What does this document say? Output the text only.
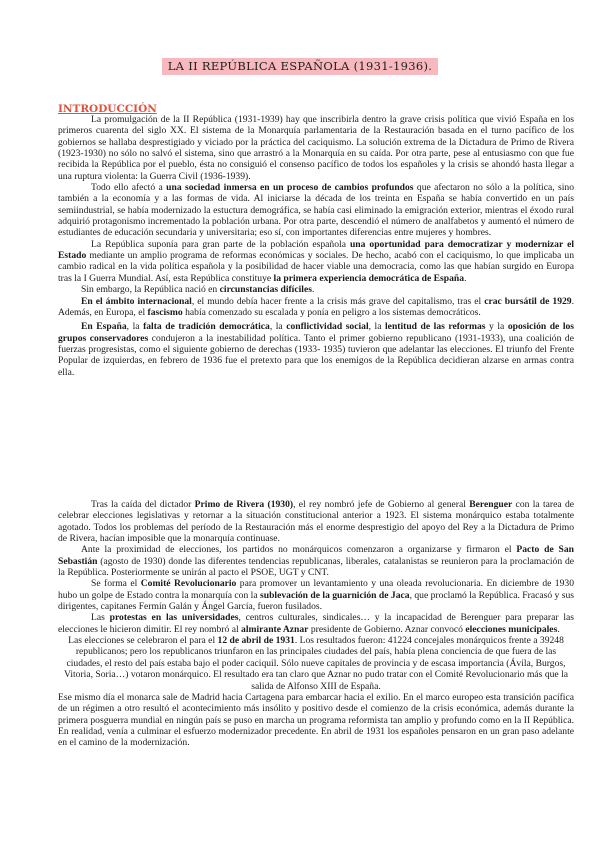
LA II REPÚBLICA ESPAÑOLA (1931-1936).
INTRODUCCIÓN

La promulgación de la II República (1931-1939) hay que inscribirla dentro la grave crisis política que vivió España en los primeros cuarenta del siglo XX. El sistema de la Monarquía parlamentaria de la Restauración basada en el turno pacífico de los gobiernos se hallaba desprestigiado y viciado por la práctica del caciquismo. La solución extrema de la Dictadura de Primo de Rivera (1923-1930) no sólo no salvó el sistema, sino que arrastró a la Monarquía en su caída. Por otra parte, pese al entusiasmo con que fue recibida la República por el pueblo, ésta no consiguió el consenso pacífico de todos los españoles y la crisis se ahondó hasta llegar a una ruptura violenta: la Guerra Civil (1936-1939).

Todo ello afectó a una sociedad inmersa en un proceso de cambios profundos que afectaron no sólo a la política, sino también a la economía y a las formas de vida. Al iniciarse la década de los treinta en España se había convertido en un país semiindustrial, se había modernizado la estuctura demográfica, se había casi eliminado la emigración exterior, mientras el éxodo rural adquirió protagonismo incrementado la población urbana. Por otra parte, descendió el número de analfabetos y aumentó el número de estudiantes de educación secundaria y universitaria; eso sí, con importantes diferencias entre mujeres y hombres.

La República suponía para gran parte de la población española una oportunidad para democratizar y modernizar el Estado mediante un amplio programa de reformas económicas y sociales. De hecho, acabó con el caciquismo, lo que implicaba un cambio radical en la vida política española y la posibilidad de hacer viable una democracia, como las que habían surgido en Europa tras la I Guerra Mundial. Así, esta República constituye la primera experiencia democrática de España.

Sin embargo, la República nació en circunstancias difíciles.

En el ámbito internacional, el mundo debía hacer frente a la crisis más grave del capitalismo, tras el crac bursátil de 1929. Además, en Europa, el fascismo había comenzado su escalada y ponía en peligro a los sistemas democráticos.

En España, la falta de tradición democrática, la conflictividad social, la lentitud de las reformas y la oposición de los grupos conservadores condujeron a la inestabilidad política. Tanto el primer gobierno republicano (1931-1933), una coalición de fuerzas progresistas, como el siguiente gobierno de derechas (1933- 1935) tuvieron que adelantar las elecciones. El triunfo del Frente Popular de izquierdas, en febrero de 1936 fue el pretexto para que los enemigos de la República decidieran alzarse en armas contra ella.

Tras la caída del dictador Primo de Rivera (1930), el rey nombró jefe de Gobierno al general Berenguer con la tarea de celebrar elecciones legislativas y retornar a la situación constitucional anterior a 1923. El sistema monárquico estaba totalmente agotado. Todos los problemas del período de la Restauración más el enorme desprestigio del apoyo del Rey a la Dictadura de Primo de Rivera, hacían imposible que la monarquía continuase.

Ante la proximidad de elecciones, los partidos no monárquicos comenzaron a organizarse y firmaron el Pacto de San Sebastián (agosto de 1930) donde las diferentes tendencias republicanas, liberales, catalanistas se reunieron para la proclamación de la República. Posteriormente se unirán al pacto el PSOE, UGT y CNT.

Se forma el Comité Revolucionario para promover un levantamiento y una oleada revolucionaria. En diciembre de 1930 hubo un golpe de Estado contra la monarquía con la sublevación de la guarnición de Jaca, que proclamó la República. Fracasó y sus dirigentes, capitanes Fermín Galán y Ángel García, fueron fusilados.

Las protestas en las universidades, centros culturales, sindicales… y la incapacidad de Berenguer para preparar las elecciones le hicieron dimitir. El rey nombró al almirante Aznar presidente de Gobierno. Aznar convocó elecciones municipales.

Las elecciones se celebraron el para el 12 de abril de 1931. Los resultados fueron: 41224 concejales monárquicos frente a 39248 republicanos; pero los republicanos triunfaron en las principales ciudades del país, había plena conciencia de que fuera de las ciudades, el resto del país estaba bajo el poder caciquil. Sólo nueve capitales de provincia y de escasa importancia (Ávila, Burgos, Vitoria, Soria…) votaron monárquico. El resultado era tan claro que Aznar no pudo tratar con el Comité Revolucionario más que la salida de Alfonso XIII de España.

Ese mismo día el monarca sale de Madrid hacia Cartagena para embarcar hacia el exilio. En el marco europeo esta transición pacífica de un régimen a otro resultó el acontecimiento más insólito y positivo desde el comienzo de la crisis económica, además durante la primera posguerra mundial en ningún país se puso en marcha un programa reformista tan amplio y profundo como en la II República. En realidad, venía a culminar el esfuerzo modernizador precedente. En abril de 1931 los españoles pensaron en un gran paso adelante en el camino de la modernización.
